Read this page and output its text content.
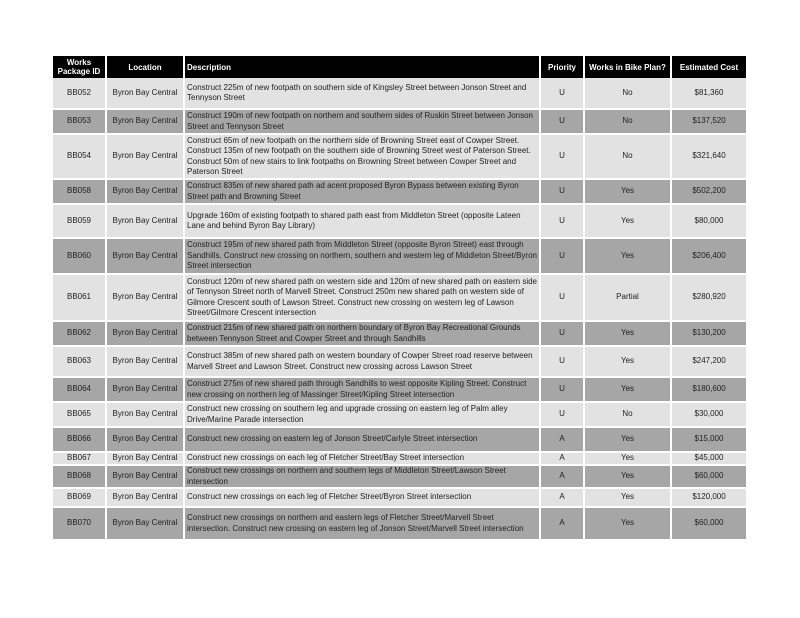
Works Package ID	Location	Description	Priority	Works in Bike Plan?	Estimated Cost
BB052	Byron Bay Central	Construct 225m of new footpath on southern side of Kingsley Street between Jonson Street and Tennyson Street	U	No	$81,360
BB053	Byron Bay Central	Construct 190m of new footpath on northern and southern sides of Ruskin Street between Jonson Street and Tennyson Street	U	No	$137,520
BB054	Byron Bay Central	Construct 65m of new footpath on the northern side of Browning Street east of Cowper Street. Construct 135m of new footpath on the southern side of Browning Street west of Paterson Street. Construct 50m of new stairs to link footpaths on Browning Street between Cowper Street and Paterson Street	U	No	$321,640
BB058	Byron Bay Central	Construct 835m of new shared path ad acent proposed Byron Bypass between existing Byron Street path and Browning Street	U	Yes	$502,200
BB059	Byron Bay Central	Upgrade 160m of existing footpath to shared path east from Middleton Street (opposite Lateen Lane and behind Byron Bay Library)	U	Yes	$80,000
BB060	Byron Bay Central	Construct 195m of new shared path from Middleton Street (opposite Byron Street) east through Sandhills. Construct new crossing on northern, southern and western leg of Middleton Street/Byron Street intersection	U	Yes	$206,400
BB061	Byron Bay Central	Construct 120m of new shared path on western side and 120m of new shared path on eastern side of Tennyson Street north of Marvell Street. Construct 250m new shared path on western side of Gilmore Crescent south of Lawson Street. Construct new crossing on western leg of Lawson Street/Gilmore Crescent intersection	U	Partial	$280,920
BB062	Byron Bay Central	Construct 215m of new shared path on northern boundary of Byron Bay Recreational Grounds between Tennyson Street and Cowper Street and through Sandhills	U	Yes	$130,200
BB063	Byron Bay Central	Construct 385m of new shared path on western boundary of Cowper Street road reserve between Marvell Street and Lawson Street. Construct new crossing across Lawson Street	U	Yes	$247,200
BB064	Byron Bay Central	Construct 275m of new shared path through Sandhills to west opposite Kipling Street. Construct new crossing on northern leg of Massinger Street/Kipling Street intersection	U	Yes	$180,600
BB065	Byron Bay Central	Construct new crossing on southern leg and upgrade crossing on eastern leg of Palm alley Drive/Marine Parade intersection	U	No	$30,000
BB066	Byron Bay Central	Construct new crossing on eastern leg of Jonson Street/Carlyle Street intersection	A	Yes	$15,000
BB067	Byron Bay Central	Construct new crossings on each leg of Fletcher Street/Bay Street intersection	A	Yes	$45,000
BB068	Byron Bay Central	Construct new crossings on northern and southern legs of Middleton Street/Lawson Street intersection	A	Yes	$60,000
BB069	Byron Bay Central	Construct new crossings on each leg of Fletcher Street/Byron Street intersection	A	Yes	$120,000
BB070	Byron Bay Central	Construct new crossings on northern and eastern legs of Fletcher Street/Marvell Street intersection. Construct new crossing on eastern leg of Jonson Street/Marvell Street intersection	A	Yes	$60,000
